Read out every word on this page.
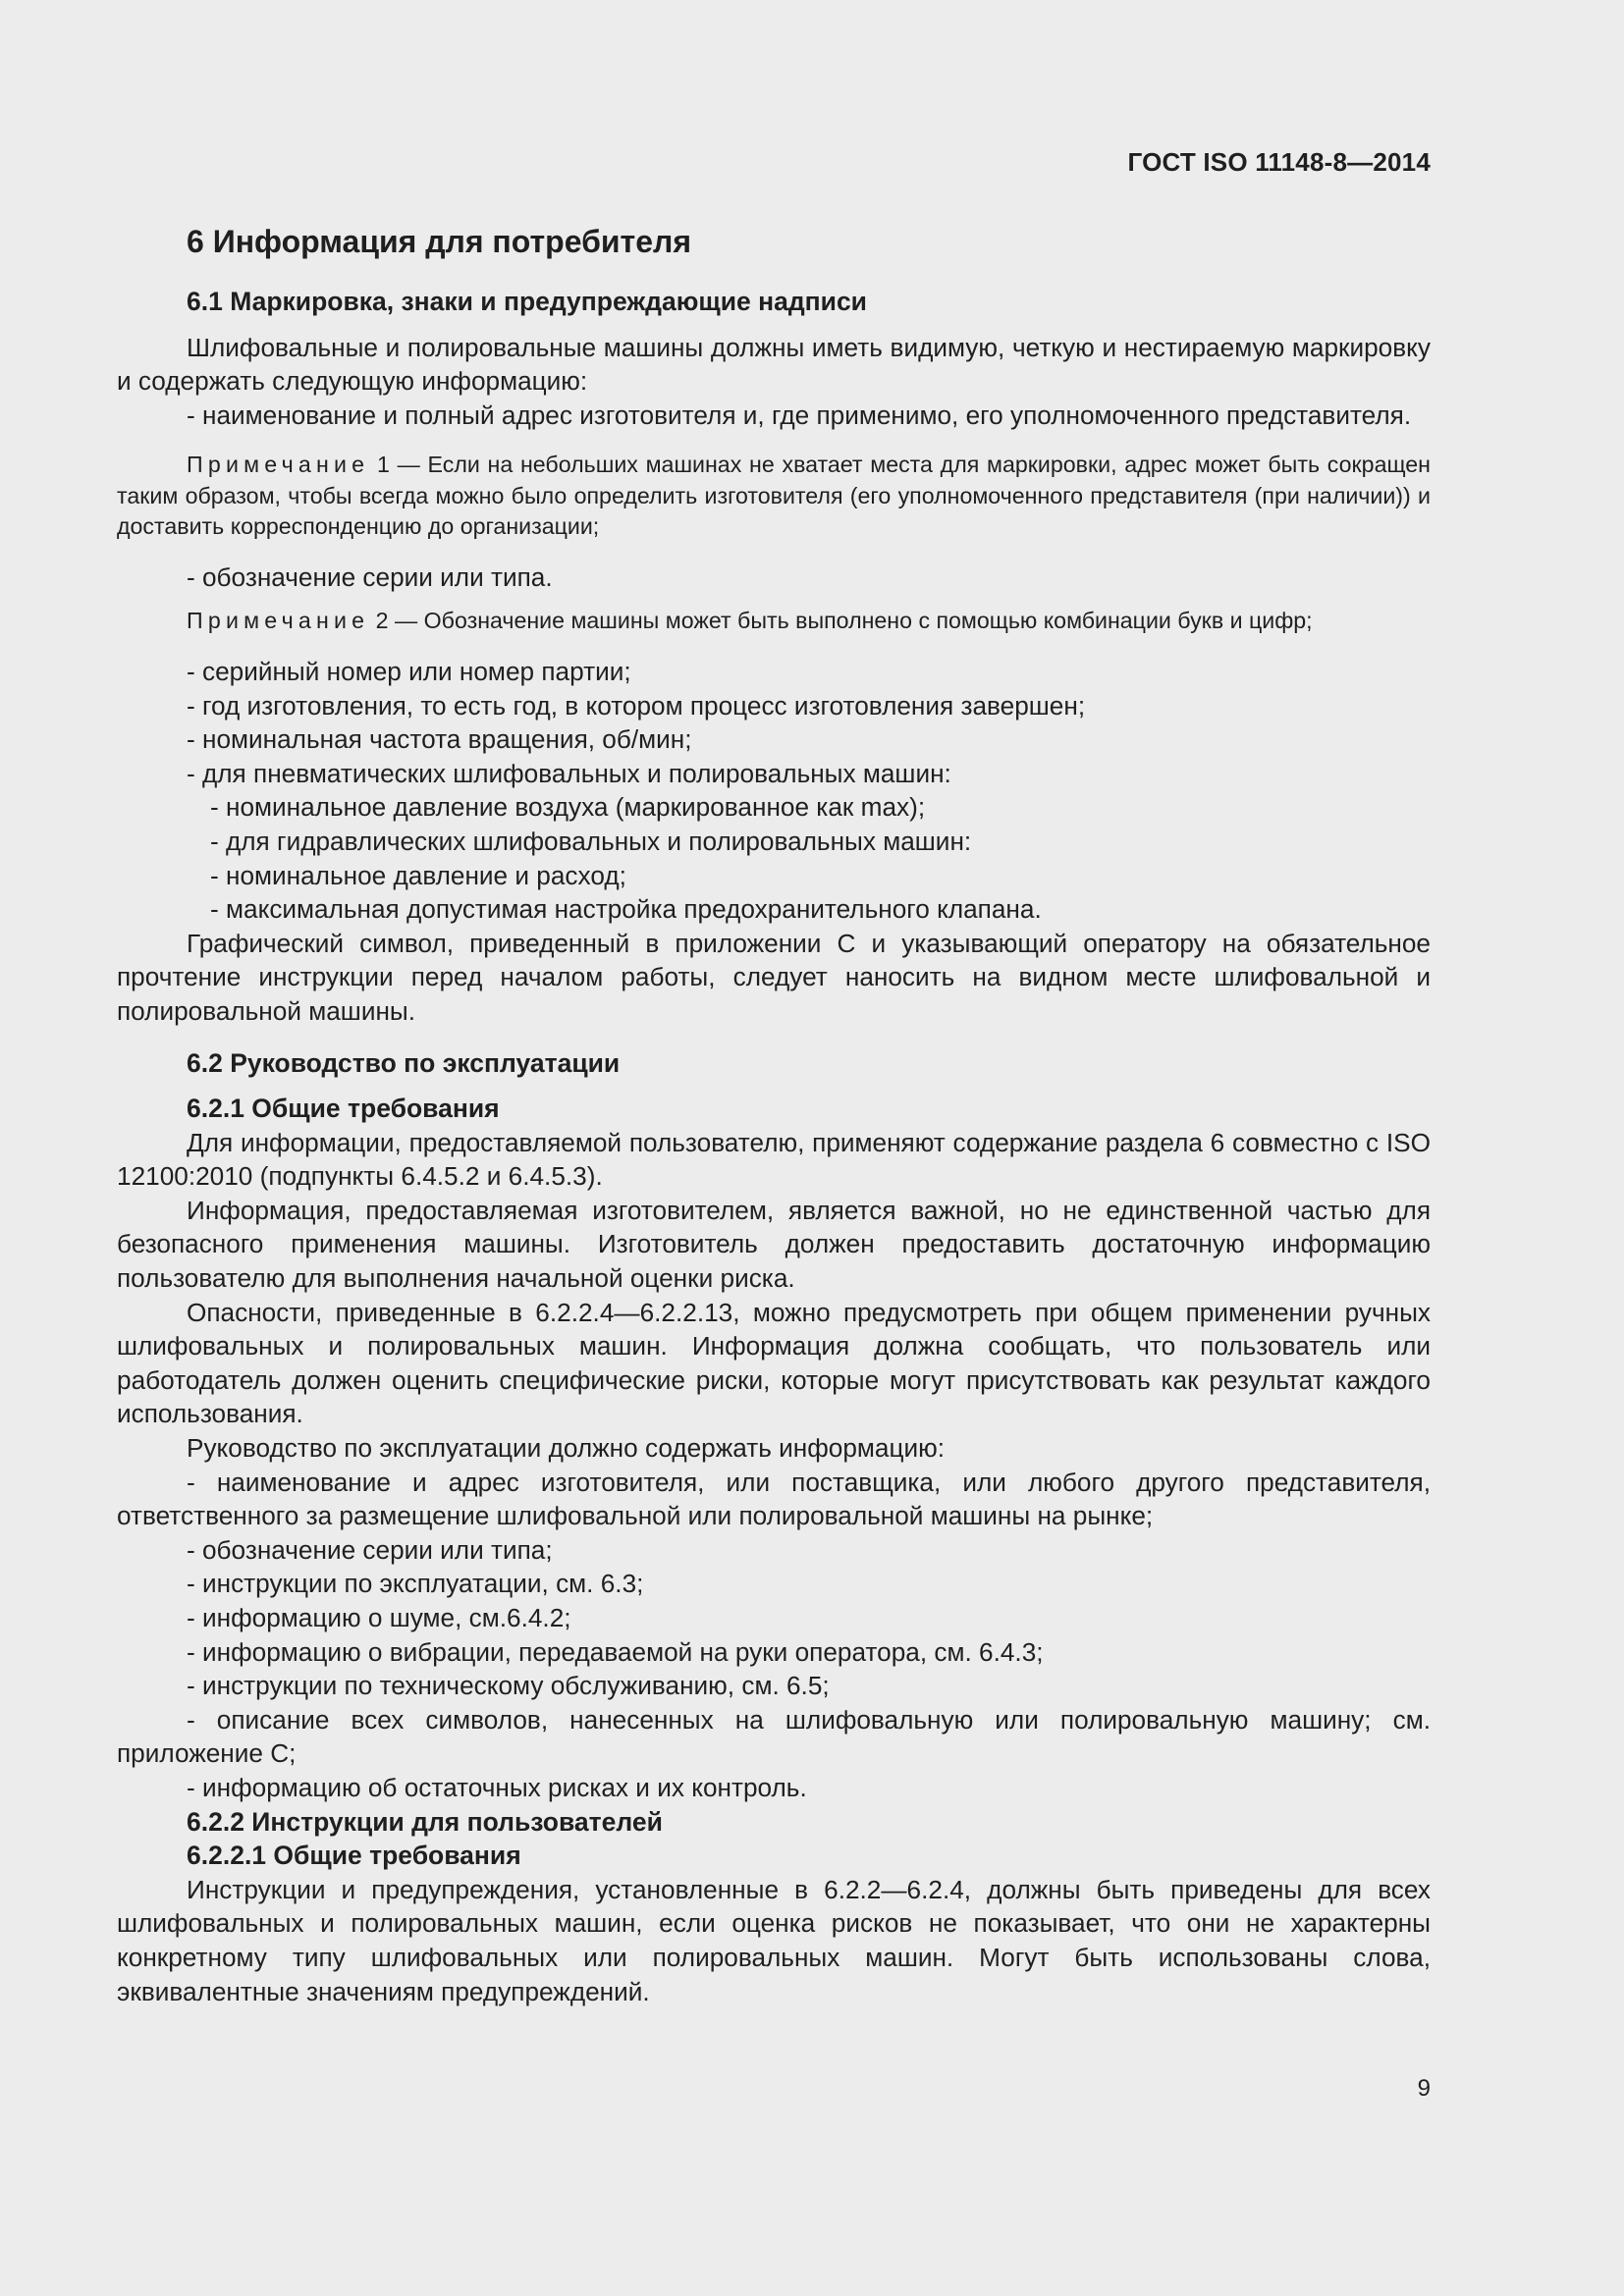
ГОСТ ISO 11148-8—2014
6 Информация для потребителя
6.1 Маркировка, знаки и предупреждающие надписи

Шлифовальные и полировальные машины должны иметь видимую, четкую и нестираемую маркировку и содержать следующую информацию:

- наименование и полный адрес изготовителя и, где применимо, его уполномоченного представителя.

Примечание 1 — Если на небольших машинах не хватает места для маркировки, адрес может быть сокращен таким образом, чтобы всегда можно было определить изготовителя (его уполномоченного представителя (при наличии)) и доставить корреспонденцию до организации;

- обозначение серии или типа.

Примечание 2 — Обозначение машины может быть выполнено с помощью комбинации букв и цифр;

- серийный номер или номер партии;

- год изготовления, то есть год, в котором процесс изготовления завершен;

- номинальная частота вращения, об/мин;

- для пневматических шлифовальных и полировальных машин:

- номинальное давление воздуха (маркированное как max);

- для гидравлических шлифовальных и полировальных машин:

- номинальное давление и расход;

- максимальная допустимая настройка предохранительного клапана.

Графический символ, приведенный в приложении С и указывающий оператору на обязательное прочтение инструкции перед началом работы, следует наносить на видном месте шлифовальной и полировальной машины.

6.2 Руководство по эксплуатации
6.2.1 Общие требования

Для информации, предоставляемой пользователю, применяют содержание раздела 6 совместно с ISO 12100:2010 (подпункты 6.4.5.2 и 6.4.5.3).

Информация, предоставляемая изготовителем, является важной, но не единственной частью для безопасного применения машины. Изготовитель должен предоставить достаточную информацию пользователю для выполнения начальной оценки риска.

Опасности, приведенные в 6.2.2.4—6.2.2.13, можно предусмотреть при общем применении ручных шлифовальных и полировальных машин. Информация должна сообщать, что пользователь или работодатель должен оценить специфические риски, которые могут присутствовать как результат каждого использования.

Руководство по эксплуатации должно содержать информацию:

- наименование и адрес изготовителя, или поставщика, или любого другого представителя, ответственного за размещение шлифовальной или полировальной машины на рынке;

- обозначение серии или типа;

- инструкции по эксплуатации, см. 6.3;

- информацию о шуме, см.6.4.2;

- информацию о вибрации, передаваемой на руки оператора, см. 6.4.3;

- инструкции по техническому обслуживанию, см. 6.5;

- описание всех символов, нанесенных на шлифовальную или полировальную машину; см. приложение С;

- информацию об остаточных рисках и их контроль.

6.2.2 Инструкции для пользователей
6.2.2.1 Общие требования

Инструкции и предупреждения, установленные в 6.2.2—6.2.4, должны быть приведены для всех шлифовальных и полировальных машин, если оценка рисков не показывает, что они не характерны конкретному типу шлифовальных или полировальных машин. Могут быть использованы слова, эквивалентные значениям предупреждений.

9
